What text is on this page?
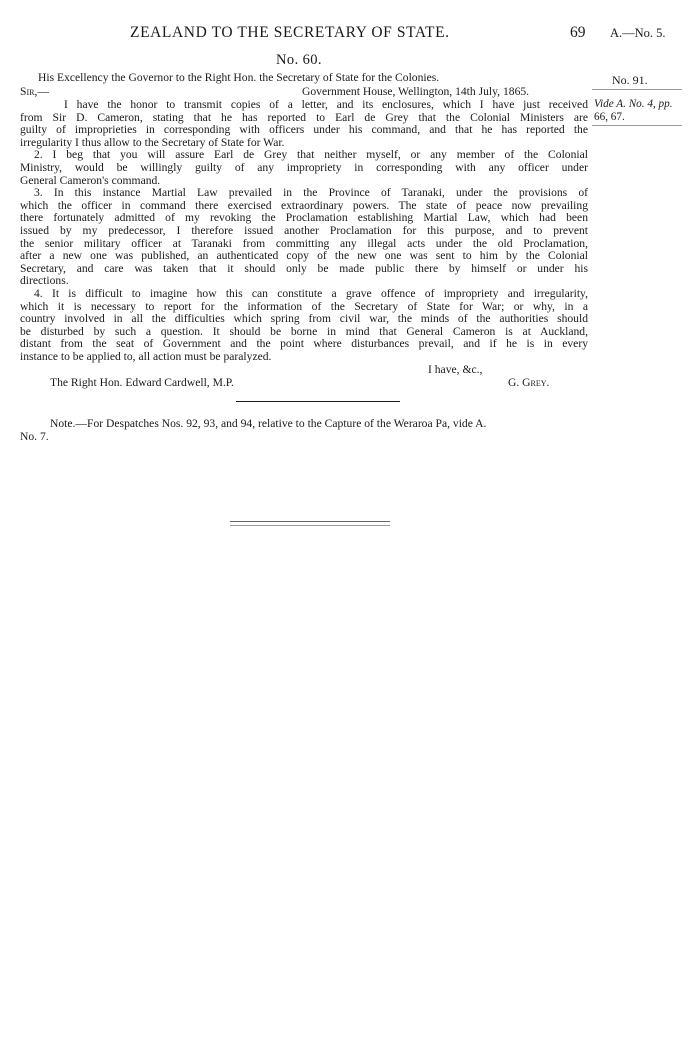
ZEALAND TO THE SECRETARY OF STATE.	69 A.—No. 5.
No. 60.
His Excellency the Governor to the Right Hon. the Secretary of State for the Colonies.	No. 91.
Vide A. No. 4, pp.
66, 67.
Sir,—	Government House, Wellington, 14th July, 1865.
I have the honor to transmit copies of a letter, and its enclosures, which I have just received
from Sir D. Cameron, stating that he has reported to Earl de Grey that the Colonial Ministers are
guilty of improprieties in corresponding with officers under his command, and that he has reported the
irregularity I thus allow to the Secretary of State for War.
2. I beg that you will assure Earl de Grey that neither myself, or any member of the Colonial
Ministry, would be willingly guilty of any impropriety in corresponding with any officer under
General Cameron's command.
3. In this instance Martial Law prevailed in the Province of Taranaki, under the provisions of
which the officer in command there exercised extraordinary powers. The state of peace now prevailing
there fortunately admitted of my revoking the Proclamation establishing Martial Law, which had been
issued by my predecessor, I therefore issued another Proclamation for this purpose, and to prevent
the senior military officer at Taranaki from committing any illegal acts under the old Proclamation,
after a new one was published, an authenticated copy of the new one was sent to him by the Colonial
Secretary, and care was taken that it should only be made public there by himself or under his
directions.
4. It is difficult to imagine how this can constitute a grave offence of impropriety and irregularity,
which it is necessary to report for the information of the Secretary of State for War; or why, in a
country involved in all the difficulties which spring from civil war, the minds of the authorities should
be disturbed by such a question. It should be borne in mind that General Cameron is at Auckland,
distant from the seat of Government and the point where disturbances prevail, and if he is in every
instance to be applied to, all action must be paralyzed.
I have, &c.,
The Right Hon. Edward Cardwell, M.P.	G. Grey.
Note.—For Despatches Nos. 92, 93, and 94, relative to the Capture of the Weraroa Pa, vide A.
No. 7.
